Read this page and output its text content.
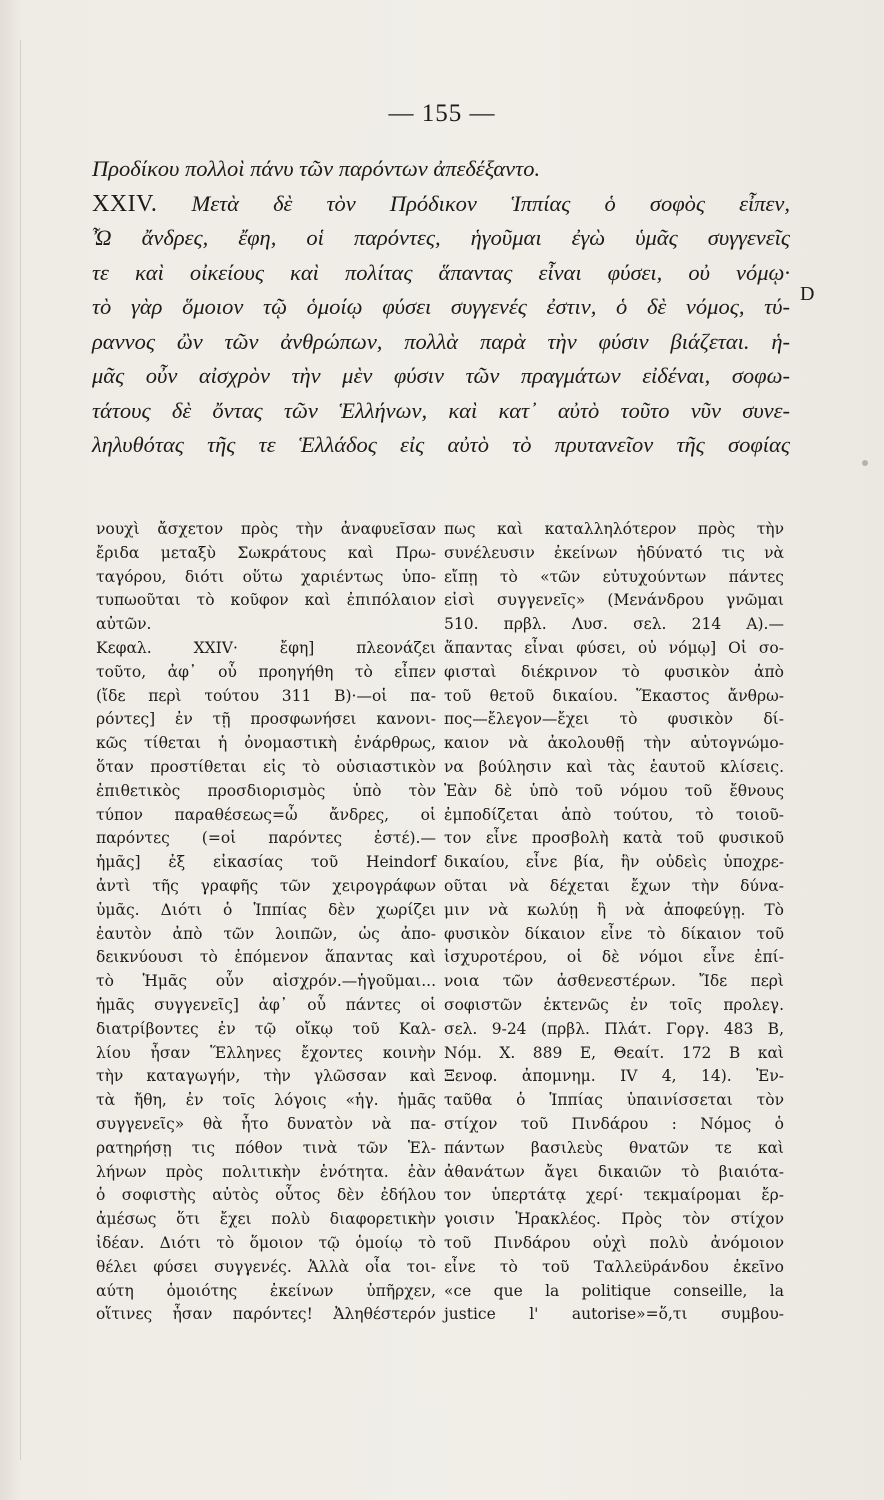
— 155 —
Προδίκου πολλοὶ πάνυ τῶν παρόντων ἀπεδέξαντο.
XXIV. Μετὰ δὲ τὸν Πρόδικον Ἱππίας ὁ σοφὸς εἶπεν,
Ὦ ἄνδρες, ἔφη, οἱ παρόντες, ἡγοῦμαι ἐγὼ ὑμᾶς συγγενεῖς
τε καὶ οἰκείους καὶ πολίτας ἅπαντας εἶναι φύσει, οὐ νόμῳ·
τὸ γὰρ ὅμοιον τῷ ὁμοίῳ φύσει συγγενές ἐστιν, ὁ δὲ νόμος, τύ-
ραννος ὢν τῶν ἀνθρώπων, πολλὰ παρὰ τὴν φύσιν βιάζεται. ἡ-
μᾶς οὖν αἰσχρὸν τὴν μὲν φύσιν τῶν πραγμάτων εἰδέναι, σοφω-
τάτους δὲ ὄντας τῶν Ἑλλήνων, καὶ κατ᾽ αὐτὸ τοῦτο νῦν συνε-
ληλυθότας τῆς τε Ἑλλάδος εἰς αὐτὸ τὸ πρυτανεῖον τῆς σοφίας
D
νουχὶ ἄσχετον πρὸς τὴν ἀναφυεῖσαν
ἔριδα μεταξὺ Σωκράτους καὶ Πρω-
ταγόρου, διότι οὕτω χαριέντως ὑπο-
τυπωοῦται τὸ κοῦφον καὶ ἐπιπόλαιον
αὐτῶν.
Κεφαλ. XXIV· ἔφη] πλεονάζει
τοῦτο, ἀφ᾽ οὗ προηγήθη τὸ εἶπεν
(ἴδε περὶ τούτου 311 B)·—οἱ πα-
ρόντες] ἐν τῇ προσφωνήσει κανονι-
κῶς τίθεται ἡ ὀνομαστικὴ ἐνάρθρως,
ὅταν προστίθεται εἰς τὸ οὐσιαστικὸν
ἐπιθετικὸς προσδιορισμὸς ὑπὸ τὸν
τύπον παραθέσεως=ὦ ἄνδρες, οἱ
παρόντες (=οἱ παρόντες ἐστέ).—
ἡμᾶς] ἐξ εἰκασίας τοῦ Heindorf
ἀντὶ τῆς γραφῆς τῶν χειρογράφων
ὑμᾶς. Διότι ὁ Ἱππίας δὲν χωρίζει
ἑαυτὸν ἀπὸ τῶν λοιπῶν, ὡς ἀπο-
δεικνύουσι τὸ ἑπόμενον ἅπαντας καὶ
τὸ Ἡμᾶς οὖν αἰσχρόν.—ἡγοῦμαι...
ἡμᾶς συγγενεῖς] ἀφ᾽ οὗ πάντες οἱ
διατρίβοντες ἐν τῷ οἴκῳ τοῦ Καλ-
λίου ἦσαν Ἕλληνες ἔχοντες κοινὴν
τὴν καταγωγήν, τὴν γλῶσσαν καὶ
τὰ ἤθη, ἐν τοῖς λόγοις «ἡγ. ἡμᾶς
συγγενεῖς» θὰ ἦτο δυνατὸν νὰ πα-
ρατηρήσῃ τις πόθον τινὰ τῶν Ἑλ-
λήνων πρὸς πολιτικὴν ἑνότητα. ἐὰν
ὁ σοφιστὴς αὐτὸς οὗτος δὲν ἐδήλου
ἀμέσως ὅτι ἔχει πολὺ διαφορετικὴν
ἰδέαν. Διότι τὸ ὅμοιον τῷ ὁμοίῳ τὸ
θέλει φύσει συγγενές. Ἀλλὰ οἷα τοι-
αύτη ὁμοιότης ἐκείνων ὑπῆρχεν,
οἵτινες ἦσαν παρόντες! Ἀληθέστερόν
πως καὶ καταλληλότερον πρὸς τὴν
συνέλευσιν ἐκείνων ἠδύνατό τις νὰ
εἴπῃ τὸ «τῶν εὐτυχούντων πάντες
εἰσὶ συγγενεῖς» (Μενάνδρου γνῶμαι
510. πρβλ. Λυσ. σελ. 214 A).—
ἅπαντας εἶναι φύσει, οὐ νόμῳ] Οἱ σο-
φισταὶ διέκρινον τὸ φυσικὸν ἀπὸ
τοῦ θετοῦ δικαίου. Ἕκαστος ἄνθρω-
πος—ἔλεγον—ἔχει τὸ φυσικὸν δί-
καιον νὰ ἀκολουθῇ τὴν αὐτογνώμο-
να βούλησιν καὶ τὰς ἑαυτοῦ κλίσεις.
Ἐὰν δὲ ὑπὸ τοῦ νόμου τοῦ ἔθνους
ἐμποδίζεται ἀπὸ τούτου, τὸ τοιοῦ-
τον εἶνε προσβολὴ κατὰ τοῦ φυσικοῦ
δικαίου, εἶνε βία, ἣν οὐδεὶς ὑποχρε-
οῦται νὰ δέχεται ἔχων τὴν δύνα-
μιν νὰ κωλύῃ ἢ νὰ ἀποφεύγῃ. Τὸ
φυσικὸν δίκαιον εἶνε τὸ δίκαιον τοῦ
ἰσχυροτέρου, οἱ δὲ νόμοι εἶνε ἐπί-
νοια τῶν ἀσθενεστέρων. Ἴδε περὶ
σοφιστῶν ἐκτενῶς ἐν τοῖς προλεγ.
σελ. 9-24 (πρβλ. Πλάτ. Γοργ. 483 B,
Νόμ. X. 889 E, Θεαίτ. 172 B καὶ
Ξενοφ. ἀπομνημ. IV 4, 14). Ἐν-
ταῦθα ὁ Ἱππίας ὑπαινίσσεται τὸν
στίχον τοῦ Πινδάρου : Νόμος ὁ
πάντων βασιλεὺς θνατῶν τε καὶ
ἀθανάτων ἄγει δικαιῶν τὸ βιαιότα-
τον ὑπερτάτᾳ χερί· τεκμαίρομαι ἔρ-
γοισιν Ἡρακλέος. Πρὸς τὸν στίχον
τοῦ Πινδάρου οὐχὶ πολὺ ἀνόμοιον
εἶνε τὸ τοῦ Ταλλεϋράνδου ἐκεῖνο
«ce que la politique conseille, la
justice l' autorise»=ὅ,τι συμβου-
